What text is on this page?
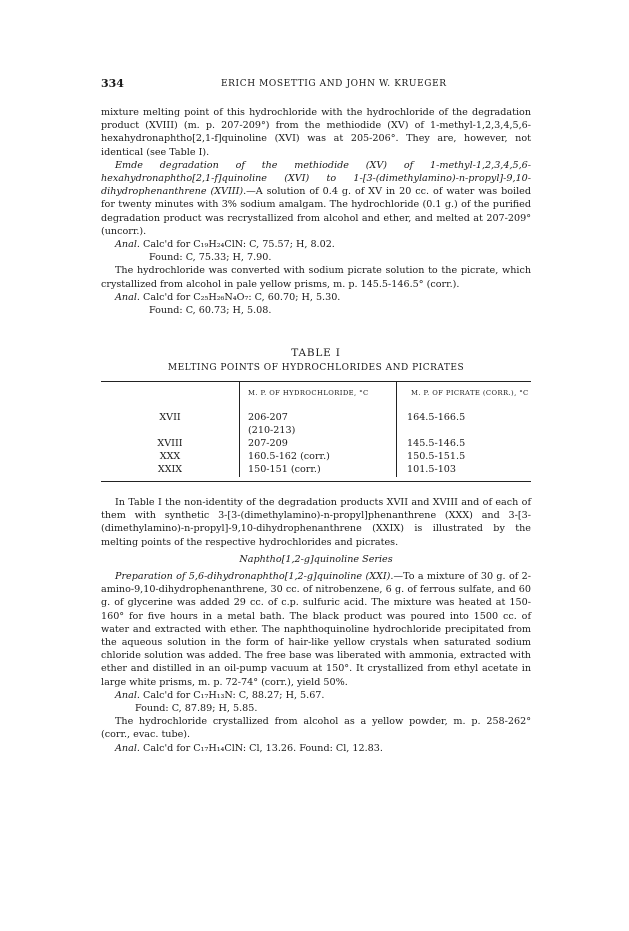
334	ERICH MOSETTIG AND JOHN W. KRUEGER

mixture melting point of this hydrochloride with the hydrochloride of the degradation product (XVIII) (m. p. 207-209°) from the methiodide (XV) of 1-methyl-1,2,3,4,5,6-hexahydronaphtho[2,1-f]quinoline (XVI) was at 205-206°. They are, however, not identical (see Table I).

Emde degradation of the methiodide (XV) of 1-methyl-1,2,3,4,5,6-hexahydronaphtho[2,1-f]quinoline (XVI) to 1-[3-(dimethylamino)-n-propyl]-9,10-dihydrophenanthrene (XVIII).—A solution of 0.4 g. of XV in 20 cc. of water was boiled for twenty minutes with 3% sodium amalgam. The hydrochloride (0.1 g.) of the purified degradation product was recrystallized from alcohol and ether, and melted at 207-209° (uncorr.).

Anal. Calc'd for C₁₉H₂₄ClN: C, 75.57; H, 8.02.

Found: C, 75.33; H, 7.90.

The hydrochloride was converted with sodium picrate solution to the picrate, which crystallized from alcohol in pale yellow prisms, m. p. 145.5-146.5° (corr.).

Anal. Calc'd for C₂₅H₂₆N₄O₇: C, 60.70; H, 5.30.

Found: C, 60.73; H, 5.08.

TABLE I
MELTING POINTS OF HYDROCHLORIDES AND PICRATES
	M. P. OF HYDROCHLORIDE, °C	M. P. OF PICRATE (CORR.), °C
XVII	206-207	164.5-166.5
	(210-213)	
XVIII	207-209	145.5-146.5
XXX	160.5-162 (corr.)	150.5-151.5
XXIX	150-151 (corr.)	101.5-103

In Table I the non-identity of the degradation products XVII and XVIII and of each of them with synthetic 3-[3-(dimethylamino)-n-propyl]phenanthrene (XXX) and 3-[3-(dimethylamino)-n-propyl]-9,10-dihydrophenanthrene (XXIX) is illustrated by the melting points of the respective hydrochlorides and picrates.

Naphtho[1,2-g]quinoline Series

Preparation of 5,6-dihydronaphtho[1,2-g]quinoline (XXI).—To a mixture of 30 g. of 2-amino-9,10-dihydrophenanthrene, 30 cc. of nitrobenzene, 6 g. of ferrous sulfate, and 60 g. of glycerine was added 29 cc. of c.p. sulfuric acid. The mixture was heated at 150-160° for five hours in a metal bath. The black product was poured into 1500 cc. of water and extracted with ether. The naphthoquinoline hydrochloride precipitated from the aqueous solution in the form of hair-like yellow crystals when saturated sodium chloride solution was added. The free base was liberated with ammonia, extracted with ether and distilled in an oil-pump vacuum at 150°. It crystallized from ethyl acetate in large white prisms, m. p. 72-74° (corr.), yield 50%.

Anal. Calc'd for C₁₇H₁₃N: C, 88.27; H, 5.67.

Found: C, 87.89; H, 5.85.

The hydrochloride crystallized from alcohol as a yellow powder, m. p. 258-262° (corr., evac. tube).

Anal. Calc'd for C₁₇H₁₄ClN: Cl, 13.26. Found: Cl, 12.83.
